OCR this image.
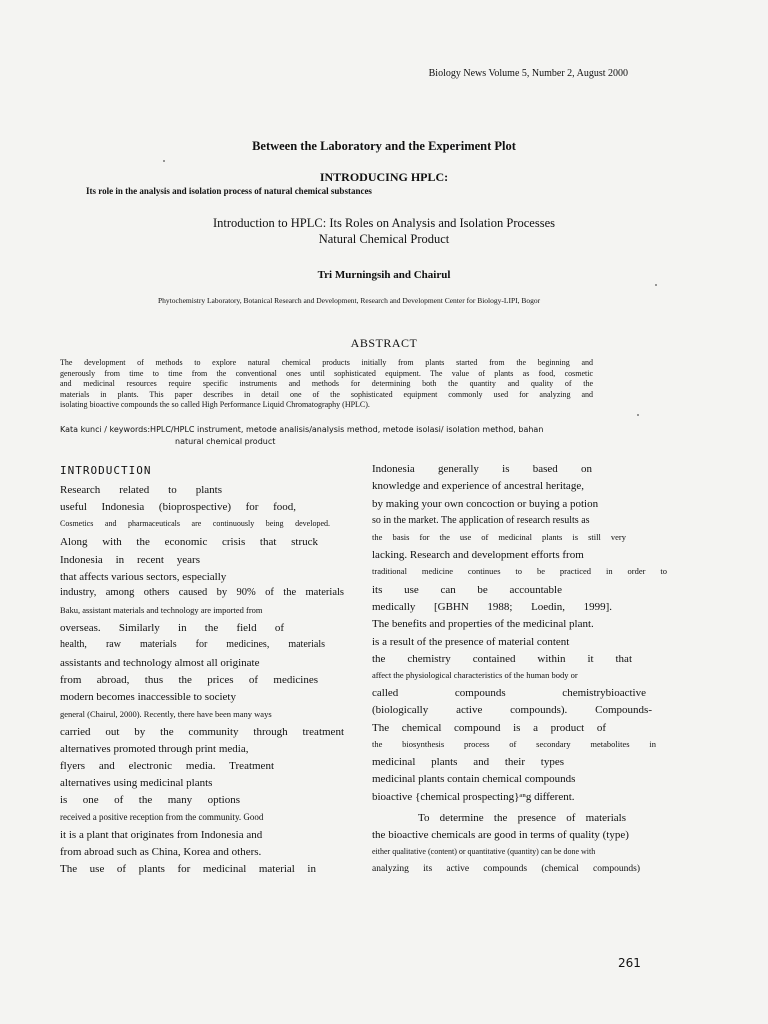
Biology News Volume 5, Number 2, August 2000
Between the Laboratory and the Experiment Plot
INTRODUCING HPLC:
Its role in the analysis and isolation process of natural chemical substances
Introduction to HPLC: Its Roles on Analysis and Isolation Processes
Natural Chemical Product
Tri Murningsih and Chairul
Phytochemistry Laboratory, Botanical Research and Development, Research and Development Center for Biology-LIPI, Bogor
ABSTRACT
The development of methods to explore natural chemical products initially from plants started from the beginning and
generously from time to time from the conventional ones until sophisticated equipment. The value of plants as food, cosmetic
and medicinal resources require specific instruments and methods for determining both the quantity and quality of the
materials in plants. This paper describes in detail one of the sophisticated equipment commonly used for analyzing and
isolating bioactive compounds the so called High Performance Liquid Chromatography (HPLC).
Kata kunci / keywords:HPLC/HPLC instrument, metode analisis/analysis method, metode isolasi/ isolation method, bahan
natural chemical product
INTRODUCTION
Research related to plants
useful Indonesia (bioprospective) for food,
Cosmetics and pharmaceuticals are continuously being developed.
Along with the economic crisis that struck
Indonesia in recent years
that affects various sectors, especially
industry, among others caused by 90% of the materials
Baku, assistant materials and technology are imported from
overseas. Similarly in the field of
health, raw materials for medicines, materials
assistants and technology almost all originate
from abroad, thus the prices of medicines
modern becomes inaccessible to society
general (Chairul, 2000). Recently, there have been many ways
carried out by the community through treatment
alternatives promoted through print media,
flyers and electronic media. Treatment
alternatives using medicinal plants
is one of the many options
received a positive reception from the community. Good
it is a plant that originates from Indonesia and
from abroad such as China, Korea and others.
The use of plants for medicinal material in
Indonesia generally is based on
knowledge and experience of ancestral heritage,
by making your own concoction or buying a potion
so in the market. The application of research results as
the basis for the use of medicinal plants is still very
lacking. Research and development efforts from
traditional medicine continues to be practiced in order to
its use can be accountable
medically [GBHN 1988; Loedin, 1999].
The benefits and properties of the medicinal plant.
is a result of the presence of material content
the chemistry contained within it that
affect the physiological characteristics of the human body or
called compounds chemistrybioactive
(biologically active compounds). Compounds-
The chemical compound is a product of
the biosynthesis process of secondary metabolites in
medicinal plants and their types
medicinal plants contain chemical compounds
bioactive {chemical prospecting}ᵃⁿg different.
To determine the presence of materials
the bioactive chemicals are good in terms of quality (type)
either qualitative (content) or quantitative (quantity) can be done with
analyzing its active compounds (chemical compounds)
261
